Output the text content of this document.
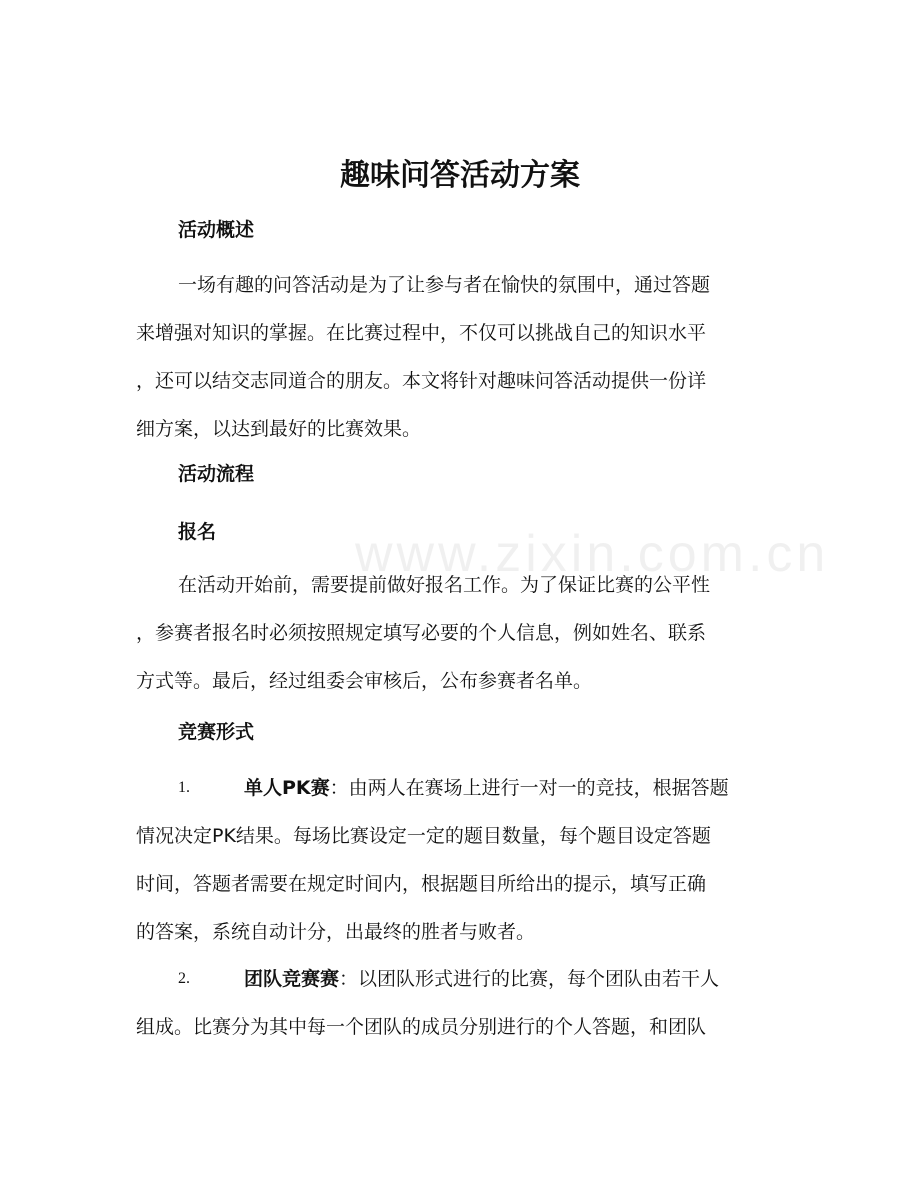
www.zixin.com.cn
趣味问答活动方案
活动概述

一场有趣的问答活动是为了让参与者在愉快的氛围中，通过答题

来增强对知识的掌握。在比赛过程中，不仅可以挑战自己的知识水平

，还可以结交志同道合的朋友。本文将针对趣味问答活动提供一份详

细方案，以达到最好的比赛效果。

活动流程
报名

在活动开始前，需要提前做好报名工作。为了保证比赛的公平性

，参赛者报名时必须按照规定填写必要的个人信息，例如姓名、联系

方式等。最后，经过组委会审核后，公布参赛者名单。

竞赛形式
1.	单人PK赛：由两人在赛场上进行一对一的竞技，根据答题

情况决定PK结果。每场比赛设定一定的题目数量，每个题目设定答题

时间，答题者需要在规定时间内，根据题目所给出的提示，填写正确

的答案，系统自动计分，出最终的胜者与败者。

2.	团队竞赛赛：以团队形式进行的比赛，每个团队由若干人

组成。比赛分为其中每一个团队的成员分别进行的个人答题，和团队
